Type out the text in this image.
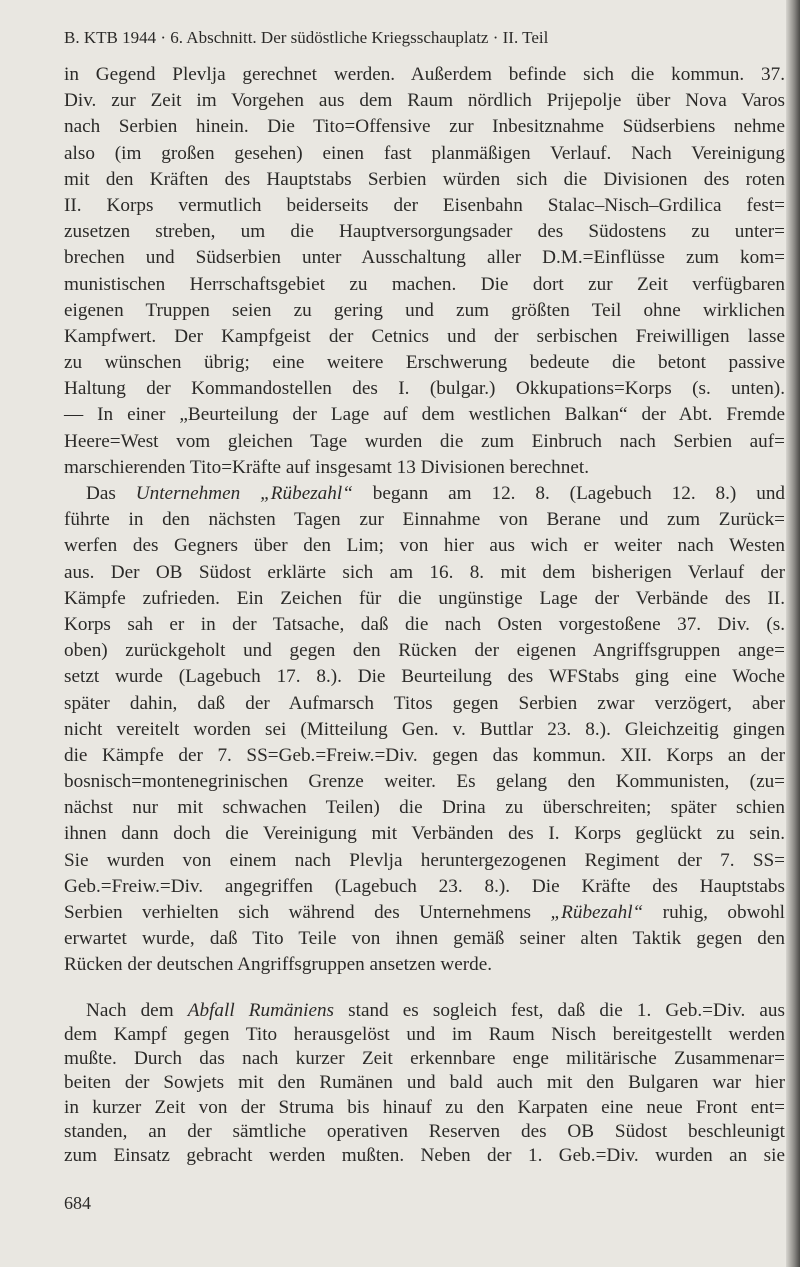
B. KTB 1944 · 6. Abschnitt. Der südöstliche Kriegsschauplatz · II. Teil
in Gegend Plevlja gerechnet werden. Außerdem befinde sich die kommun. 37.
Div. zur Zeit im Vorgehen aus dem Raum nördlich Prijepolje über Nova Varos
nach Serbien hinein. Die Tito=Offensive zur Inbesitznahme Südserbiens nehme
also (im großen gesehen) einen fast planmäßigen Verlauf. Nach Vereinigung
mit den Kräften des Hauptstabs Serbien würden sich die Divisionen des roten
II. Korps vermutlich beiderseits der Eisenbahn Stalac–Nisch–Grdilica fest=
zusetzen streben, um die Hauptversorgungsader des Südostens zu unter=
brechen und Südserbien unter Ausschaltung aller D.M.=Einflüsse zum kom=
munistischen Herrschaftsgebiet zu machen. Die dort zur Zeit verfügbaren
eigenen Truppen seien zu gering und zum größten Teil ohne wirklichen
Kampfwert. Der Kampfgeist der Cetnics und der serbischen Freiwilligen lasse
zu wünschen übrig; eine weitere Erschwerung bedeute die betont passive
Haltung der Kommandostellen des I. (bulgar.) Okkupations=Korps (s. unten).
— In einer „Beurteilung der Lage auf dem westlichen Balkan“ der Abt. Fremde
Heere=West vom gleichen Tage wurden die zum Einbruch nach Serbien auf=
marschierenden Tito=Kräfte auf insgesamt 13 Divisionen berechnet.
Das Unternehmen „Rübezahl“ begann am 12. 8. (Lagebuch 12. 8.) und
führte in den nächsten Tagen zur Einnahme von Berane und zum Zurück=
werfen des Gegners über den Lim; von hier aus wich er weiter nach Westen
aus. Der OB Südost erklärte sich am 16. 8. mit dem bisherigen Verlauf der
Kämpfe zufrieden. Ein Zeichen für die ungünstige Lage der Verbände des II.
Korps sah er in der Tatsache, daß die nach Osten vorgestoßene 37. Div. (s.
oben) zurückgeholt und gegen den Rücken der eigenen Angriffsgruppen ange=
setzt wurde (Lagebuch 17. 8.). Die Beurteilung des WFStabs ging eine Woche
später dahin, daß der Aufmarsch Titos gegen Serbien zwar verzögert, aber
nicht vereitelt worden sei (Mitteilung Gen. v. Buttlar 23. 8.). Gleichzeitig gingen
die Kämpfe der 7. SS=Geb.=Freiw.=Div. gegen das kommun. XII. Korps an der
bosnisch=montenegrinischen Grenze weiter. Es gelang den Kommunisten, (zu=
nächst nur mit schwachen Teilen) die Drina zu überschreiten; später schien
ihnen dann doch die Vereinigung mit Verbänden des I. Korps geglückt zu sein.
Sie wurden von einem nach Plevlja heruntergezogenen Regiment der 7. SS=
Geb.=Freiw.=Div. angegriffen (Lagebuch 23. 8.). Die Kräfte des Hauptstabs
Serbien verhielten sich während des Unternehmens „Rübezahl“ ruhig, obwohl
erwartet wurde, daß Tito Teile von ihnen gemäß seiner alten Taktik gegen den
Rücken der deutschen Angriffsgruppen ansetzen werde.
Nach dem Abfall Rumäniens stand es sogleich fest, daß die 1. Geb.=Div. aus
dem Kampf gegen Tito herausgelöst und im Raum Nisch bereitgestellt werden
mußte. Durch das nach kurzer Zeit erkennbare enge militärische Zusammenar=
beiten der Sowjets mit den Rumänen und bald auch mit den Bulgaren war hier
in kurzer Zeit von der Struma bis hinauf zu den Karpaten eine neue Front ent=
standen, an der sämtliche operativen Reserven des OB Südost beschleunigt
zum Einsatz gebracht werden mußten. Neben der 1. Geb.=Div. wurden an sie
684
